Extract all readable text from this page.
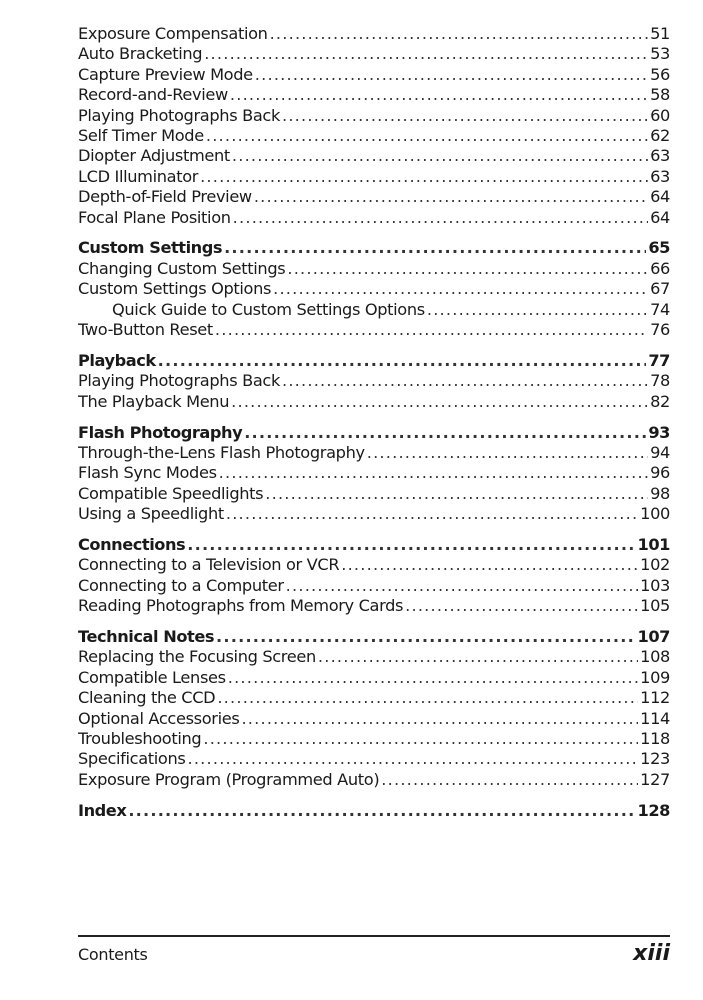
Exposure Compensation .....	51
Auto Bracketing .....	53
Capture Preview Mode .....	56
Record-and-Review .....	58
Playing Photographs Back .....	60
Self Timer Mode .....	62
Diopter Adjustment .....	63
LCD Illuminator .....	63
Depth-of-Field Preview .....	64
Focal Plane Position .....	64
Custom Settings .....	65
Changing Custom Settings .....	66
Custom Settings Options .....	67
Quick Guide to Custom Settings Options .....	74
Two-Button Reset .....	76
Playback .....	77
Playing Photographs Back .....	78
The Playback Menu .....	82
Flash Photography .....	93
Through-the-Lens Flash Photography .....	94
Flash Sync Modes .....	96
Compatible Speedlights .....	98
Using a Speedlight .....	100
Connections .....	101
Connecting to a Television or VCR .....	102
Connecting to a Computer .....	103
Reading Photographs from Memory Cards .....	105
Technical Notes .....	107
Replacing the Focusing Screen .....	108
Compatible Lenses .....	109
Cleaning the CCD .....	112
Optional Accessories .....	114
Troubleshooting .....	118
Specifications .....	123
Exposure Program (Programmed Auto) .....	127
Index .....	128
Contents	xiii
